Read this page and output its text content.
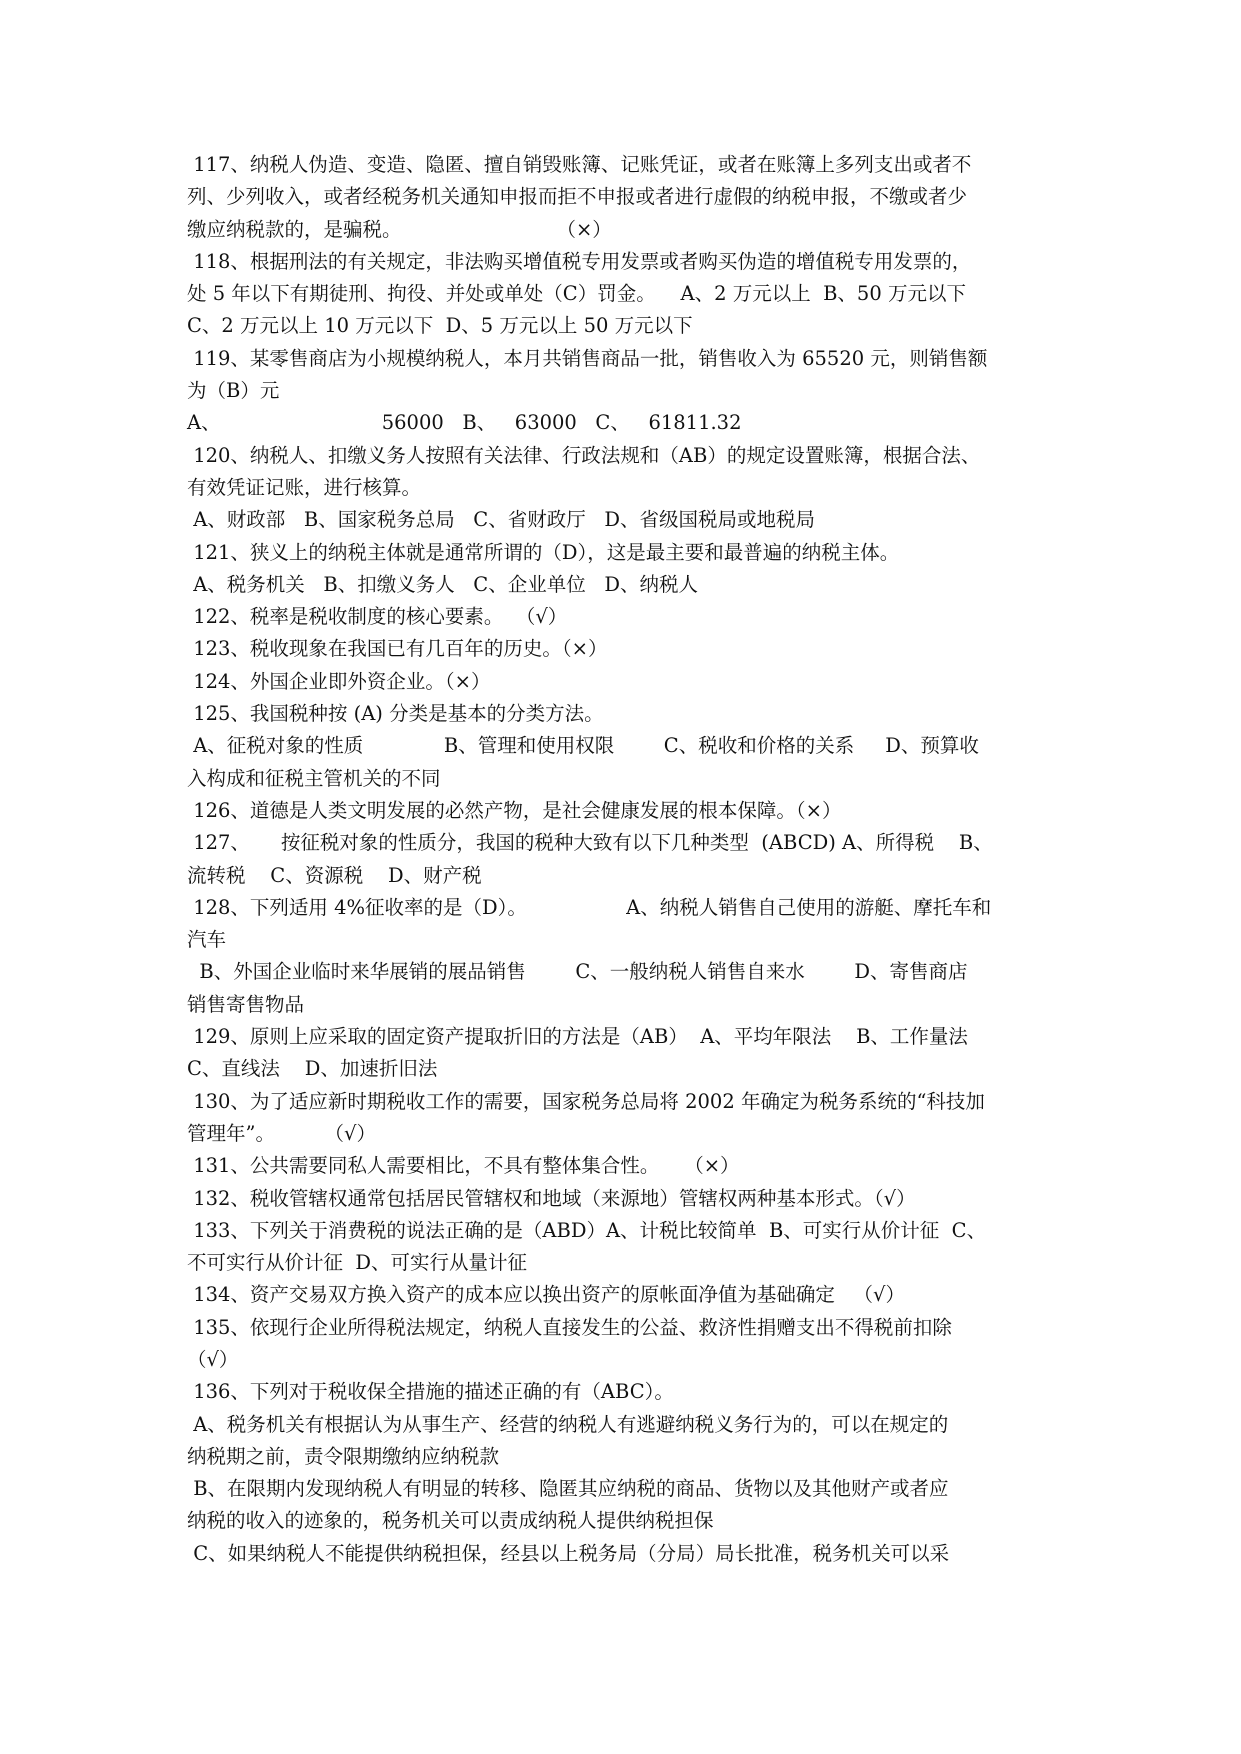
117、纳税人伪造、变造、隐匿、擅自销毁账簿、记账凭证，或者在账簿上多列支出或者不
列、少列收入，或者经税务机关通知申报而拒不申报或者进行虚假的纳税申报，不缴或者少
缴应纳税款的，是骗税。                         （×）
118、根据刑法的有关规定，非法购买增值税专用发票或者购买伪造的增值税专用发票的，
处 5 年以下有期徒刑、拘役、并处或单处（C）罚金。    A、2 万元以上  B、50 万元以下
C、2 万元以上 10 万元以下  D、5 万元以上 50 万元以下
119、某零售商店为小规模纳税人，本月共销售商品一批，销售收入为 65520 元，则销售额
为（B）元
A、                          56000   B、   63000   C、   61811.32
120、纳税人、扣缴义务人按照有关法律、行政法规和（AB）的规定设置账簿，根据合法、
有效凭证记账，进行核算。
A、财政部   B、国家税务总局   C、省财政厅   D、省级国税局或地税局
121、狭义上的纳税主体就是通常所谓的（D），这是最主要和最普遍的纳税主体。
A、税务机关   B、扣缴义务人   C、企业单位   D、纳税人
122、税率是税收制度的核心要素。  （√）
123、税收现象在我国已有几百年的历史。（×）
124、外国企业即外资企业。（×）
125、我国税种按 (A) 分类是基本的分类方法。
A、征税对象的性质             B、管理和使用权限        C、税收和价格的关系     D、预算收
入构成和征税主管机关的不同
126、道德是人类文明发展的必然产物，是社会健康发展的根本保障。（×）
127、     按征税对象的性质分，我国的税种大致有以下几种类型  (ABCD) A、所得税    B、
流转税    C、资源税    D、财产税
128、下列适用 4%征收率的是（D）。                A、纳税人销售自己使用的游艇、摩托车和
汽车
B、外国企业临时来华展销的展品销售        C、一般纳税人销售自来水        D、寄售商店
销售寄售物品
129、原则上应采取的固定资产提取折旧的方法是（AB）  A、平均年限法    B、工作量法
C、直线法    D、加速折旧法
130、为了适应新时期税收工作的需要，国家税务总局将 2002 年确定为税务系统的“科技加
管理年”。        （√）
131、公共需要同私人需要相比，不具有整体集合性。    （×）
132、税收管辖权通常包括居民管辖权和地域（来源地）管辖权两种基本形式。（√）
133、下列关于消费税的说法正确的是（ABD）A、计税比较简单  B、可实行从价计征  C、
不可实行从价计征  D、可实行从量计征
134、资产交易双方换入资产的成本应以换出资产的原帐面净值为基础确定   （√）
135、依现行企业所得税法规定，纳税人直接发生的公益、救济性捐赠支出不得税前扣除
（√）
136、下列对于税收保全措施的描述正确的有（ABC）。
A、税务机关有根据认为从事生产、经营的纳税人有逃避纳税义务行为的，可以在规定的
纳税期之前，责令限期缴纳应纳税款
B、在限期内发现纳税人有明显的转移、隐匿其应纳税的商品、货物以及其他财产或者应
纳税的收入的迹象的，税务机关可以责成纳税人提供纳税担保
C、如果纳税人不能提供纳税担保，经县以上税务局（分局）局长批准，税务机关可以采
